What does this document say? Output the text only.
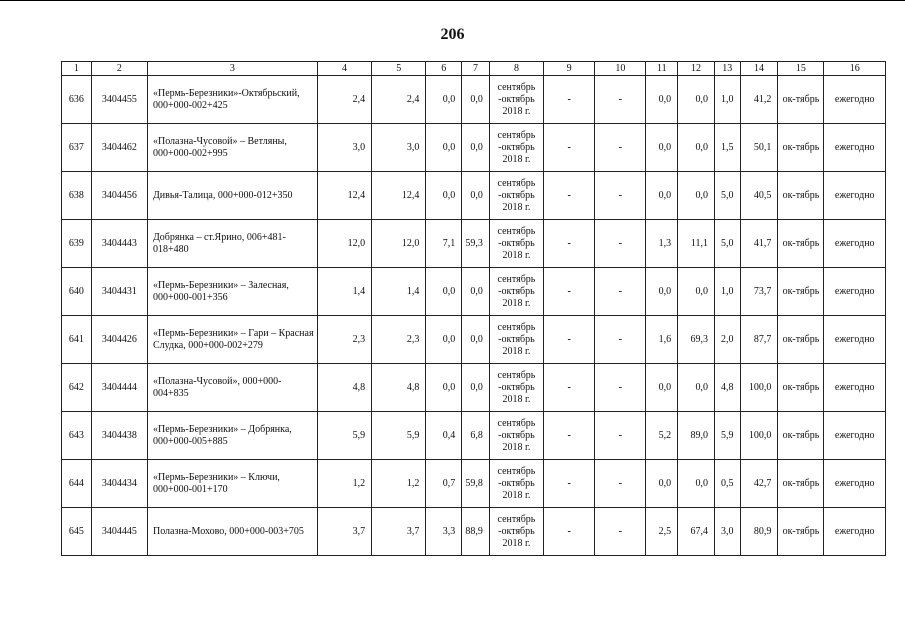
206
1	2	3	4	5	6	7	8	9	10	11	12	13	14	15	16
636	3404455	«Пермь-Березники»-Октябрьский, 000+000-002+425	2,4	2,4	0,0	0,0	сентябрь -октябрь 2018 г.	-	-	0,0	0,0	1,0	41,2	ок-тябрь	ежегодно
637	3404462	«Полазна-Чусовой» – Ветляны, 000+000-002+995	3,0	3,0	0,0	0,0	сентябрь -октябрь 2018 г.	-	-	0,0	0,0	1,5	50,1	ок-тябрь	ежегодно
638	3404456	Дивья-Талица, 000+000-012+350	12,4	12,4	0,0	0,0	сентябрь -октябрь 2018 г.	-	-	0,0	0,0	5,0	40,5	ок-тябрь	ежегодно
639	3404443	Добрянка – ст.Ярино, 006+481-018+480	12,0	12,0	7,1	59,3	сентябрь -октябрь 2018 г.	-	-	1,3	11,1	5,0	41,7	ок-тябрь	ежегодно
640	3404431	«Пермь-Березники» – Залесная, 000+000-001+356	1,4	1,4	0,0	0,0	сентябрь -октябрь 2018 г.	-	-	0,0	0,0	1,0	73,7	ок-тябрь	ежегодно
641	3404426	«Пермь-Березники» – Гари – Красная Слудка, 000+000-002+279	2,3	2,3	0,0	0,0	сентябрь -октябрь 2018 г.	-	-	1,6	69,3	2,0	87,7	ок-тябрь	ежегодно
642	3404444	«Полазна-Чусовой», 000+000-004+835	4,8	4,8	0,0	0,0	сентябрь -октябрь 2018 г.	-	-	0,0	0,0	4,8	100,0	ок-тябрь	ежегодно
643	3404438	«Пермь-Березники» – Добрянка, 000+000-005+885	5,9	5,9	0,4	6,8	сентябрь -октябрь 2018 г.	-	-	5,2	89,0	5,9	100,0	ок-тябрь	ежегодно
644	3404434	«Пермь-Березники» – Ключи, 000+000-001+170	1,2	1,2	0,7	59,8	сентябрь -октябрь 2018 г.	-	-	0,0	0,0	0,5	42,7	ок-тябрь	ежегодно
645	3404445	Полазна-Мохово, 000+000-003+705	3,7	3,7	3,3	88,9	сентябрь -октябрь 2018 г.	-	-	2,5	67,4	3,0	80,9	ок-тябрь	ежегодно
